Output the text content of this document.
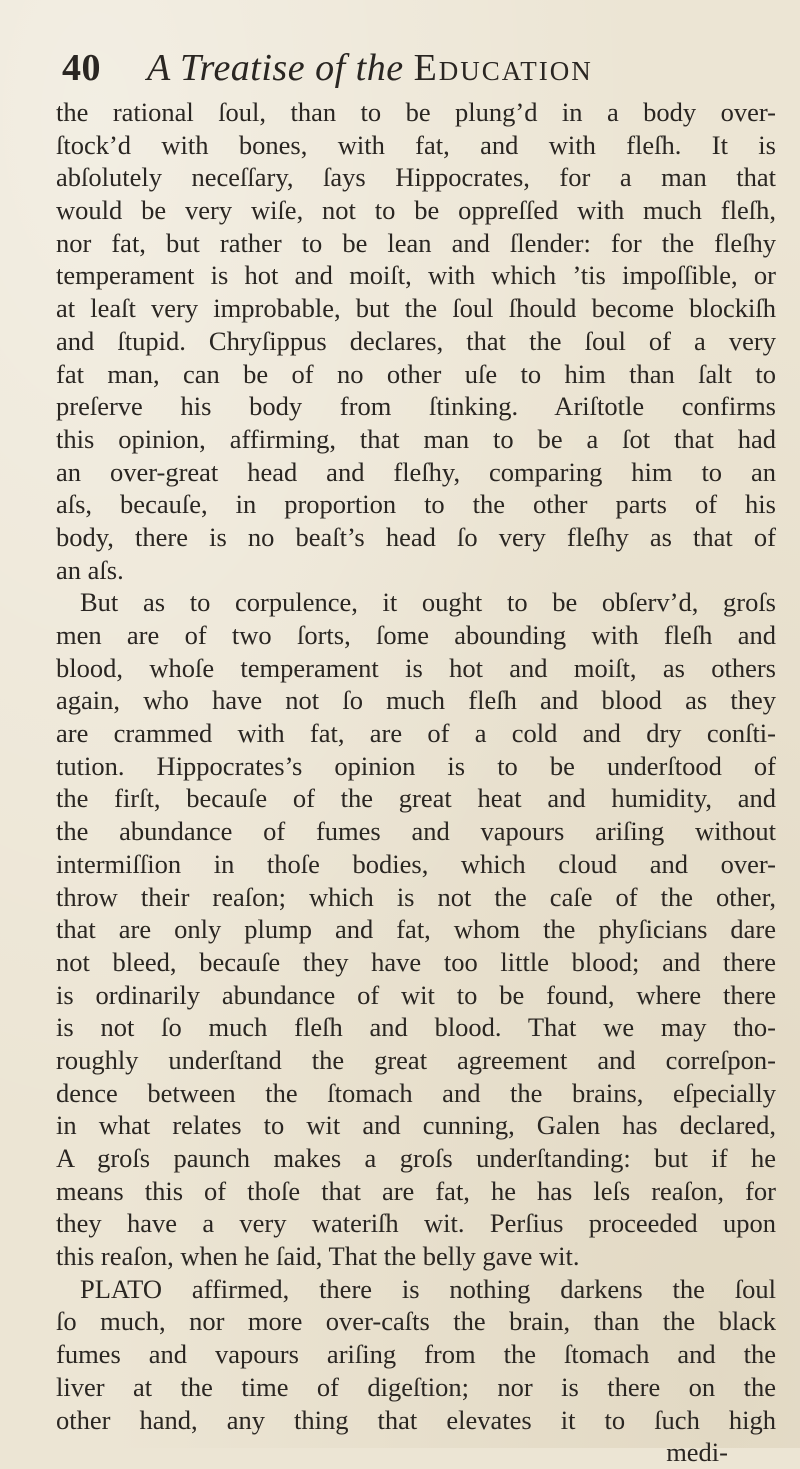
40 A Treatise of the Education
the rational ſoul, than to be plung’d in a body over-
ſtock’d with bones, with fat, and with fleſh. It is
abſolutely neceſſary, ſays Hippocrates, for a man that
would be very wiſe, not to be oppreſſed with much fleſh,
nor fat, but rather to be lean and ſlender: for the fleſhy
temperament is hot and moiſt, with which ’tis impoſſible, or
at leaſt very improbable, but the ſoul ſhould become blockiſh
and ſtupid. Chryſippus declares, that the ſoul of a very
fat man, can be of no other uſe to him than ſalt to
preſerve his body from ſtinking. Ariſtotle confirms
this opinion, affirming, that man to be a ſot that had
an over-great head and fleſhy, comparing him to an
aſs, becauſe, in proportion to the other parts of his
body, there is no beaſt’s head ſo very fleſhy as that of
an aſs.
But as to corpulence, it ought to be obſerv’d, groſs
men are of two ſorts, ſome abounding with fleſh and
blood, whoſe temperament is hot and moiſt, as others
again, who have not ſo much fleſh and blood as they
are crammed with fat, are of a cold and dry conſti-
tution. Hippocrates’s opinion is to be underſtood of
the firſt, becauſe of the great heat and humidity, and
the abundance of fumes and vapours ariſing without
intermiſſion in thoſe bodies, which cloud and over-
throw their reaſon; which is not the caſe of the other,
that are only plump and fat, whom the phyſicians dare
not bleed, becauſe they have too little blood; and there
is ordinarily abundance of wit to be found, where there
is not ſo much fleſh and blood. That we may tho-
roughly underſtand the great agreement and correſpon-
dence between the ſtomach and the brains, eſpecially
in what relates to wit and cunning, Galen has declared,
A groſs paunch makes a groſs underſtanding: but if he
means this of thoſe that are fat, he has leſs reaſon, for
they have a very wateriſh wit. Perſius proceeded upon
this reaſon, when he ſaid, That the belly gave wit.
PLATO affirmed, there is nothing darkens the ſoul
ſo much, nor more over-caſts the brain, than the black
fumes and vapours ariſing from the ſtomach and the
liver at the time of digeſtion; nor is there on the
other hand, any thing that elevates it to ſuch high
medi-
